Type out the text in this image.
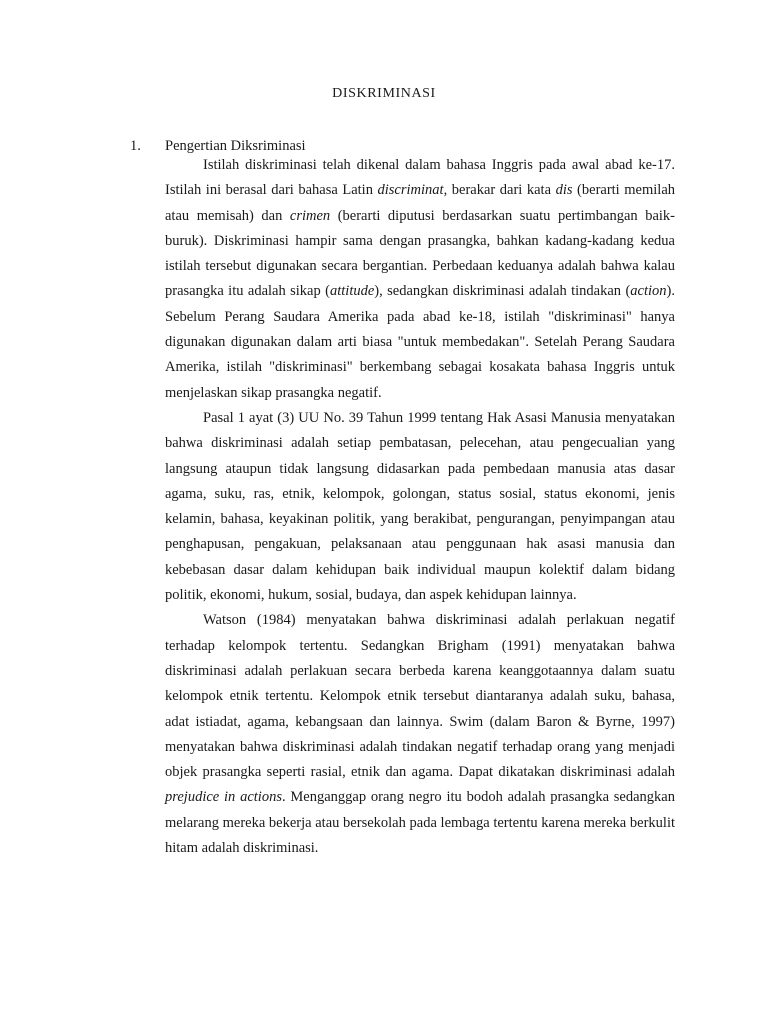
DISKRIMINASI
1. Pengertian Diksriminasi

Istilah diskriminasi telah dikenal dalam bahasa Inggris pada awal abad ke-17. Istilah ini berasal dari bahasa Latin discriminat, berakar dari kata dis (berarti memilah atau memisah) dan crimen (berarti diputusi berdasarkan suatu pertimbangan baik-buruk). Diskriminasi hampir sama dengan prasangka, bahkan kadang-kadang kedua istilah tersebut digunakan secara bergantian. Perbedaan keduanya adalah bahwa kalau prasangka itu adalah sikap (attitude), sedangkan diskriminasi adalah tindakan (action). Sebelum Perang Saudara Amerika pada abad ke-18, istilah "diskriminasi" hanya digunakan digunakan dalam arti biasa "untuk membedakan". Setelah Perang Saudara Amerika, istilah "diskriminasi" berkembang sebagai kosakata bahasa Inggris untuk menjelaskan sikap prasangka negatif.

Pasal 1 ayat (3) UU No. 39 Tahun 1999 tentang Hak Asasi Manusia menyatakan bahwa diskriminasi adalah setiap pembatasan, pelecehan, atau pengecualian yang langsung ataupun tidak langsung didasarkan pada pembedaan manusia atas dasar agama, suku, ras, etnik, kelompok, golongan, status sosial, status ekonomi, jenis kelamin, bahasa, keyakinan politik, yang berakibat, pengurangan, penyimpangan atau penghapusan, pengakuan, pelaksanaan atau penggunaan hak asasi manusia dan kebebasan dasar dalam kehidupan baik individual maupun kolektif dalam bidang politik, ekonomi, hukum, sosial, budaya, dan aspek kehidupan lainnya.

Watson (1984) menyatakan bahwa diskriminasi adalah perlakuan negatif terhadap kelompok tertentu. Sedangkan Brigham (1991) menyatakan bahwa diskriminasi adalah perlakuan secara berbeda karena keanggotaannya dalam suatu kelompok etnik tertentu. Kelompok etnik tersebut diantaranya adalah suku, bahasa, adat istiadat, agama, kebangsaan dan lainnya. Swim (dalam Baron & Byrne, 1997) menyatakan bahwa diskriminasi adalah tindakan negatif terhadap orang yang menjadi objek prasangka seperti rasial, etnik dan agama. Dapat dikatakan diskriminasi adalah prejudice in actions. Menganggap orang negro itu bodoh adalah prasangka sedangkan melarang mereka bekerja atau bersekolah pada lembaga tertentu karena mereka berkulit hitam adalah diskriminasi.
